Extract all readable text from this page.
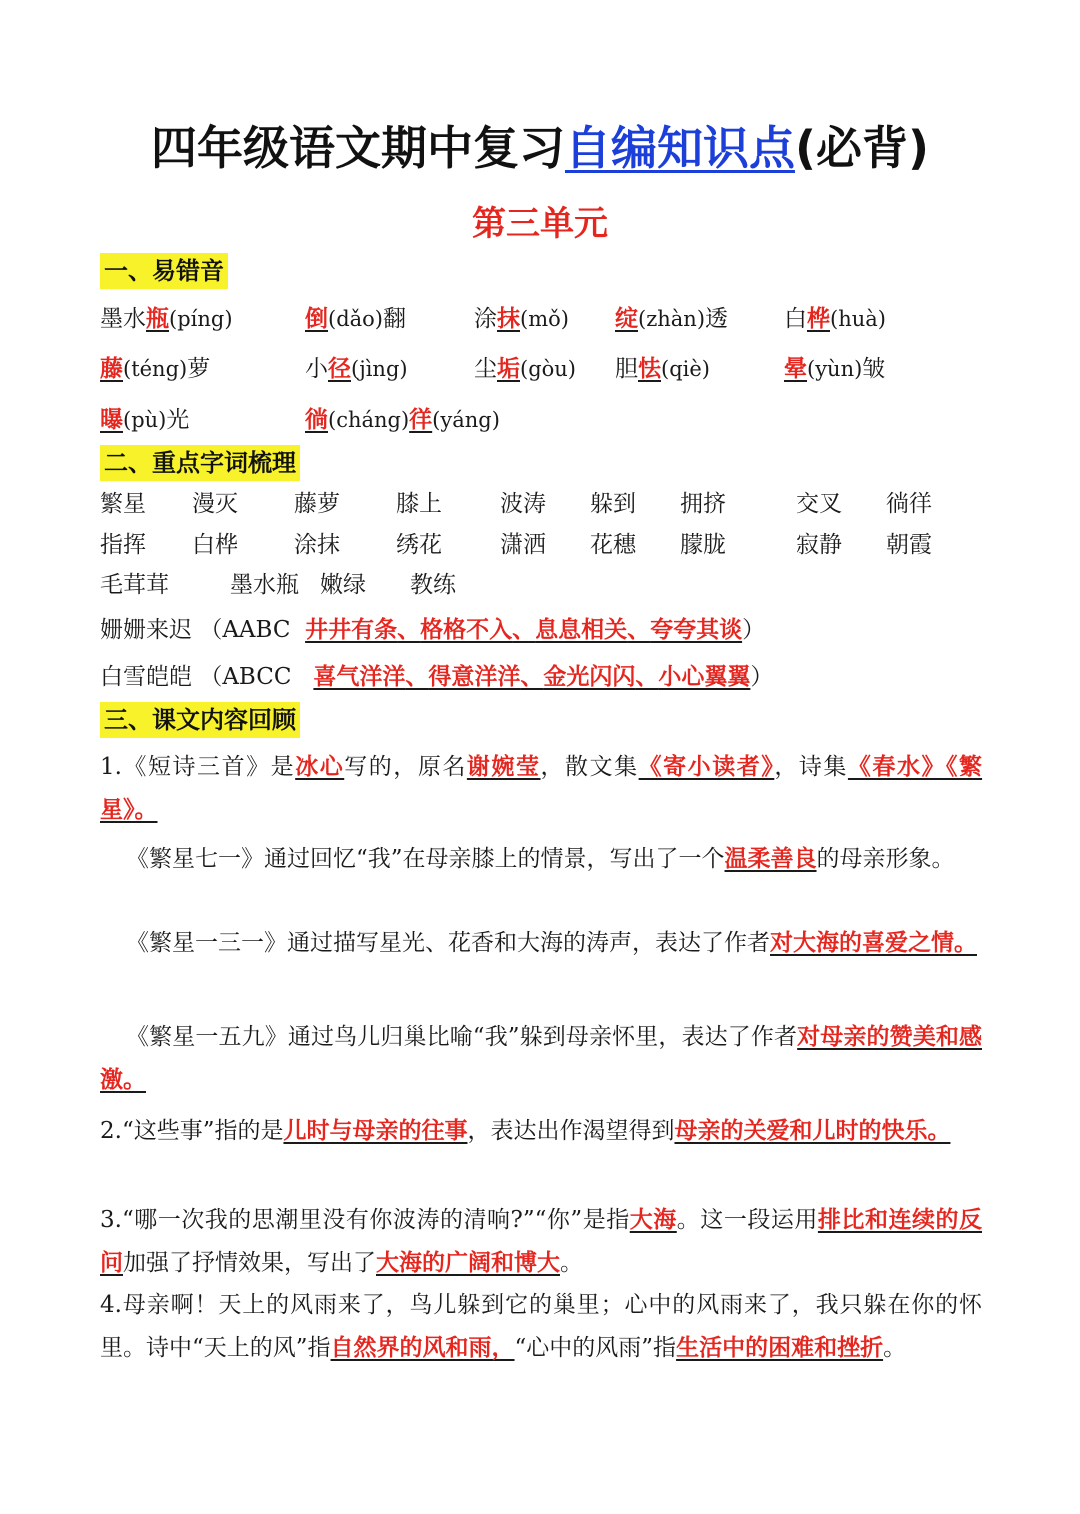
四年级语文期中复习自编知识点(必背)
第三单元
一、易错音
墨水瓶(píng)	倒(dǎo)翻	涂抹(mǒ) 绽(zhàn)透 白桦(huà)
藤(téng)萝	小径(jìng)	尘垢(gòu) 胆怯(qiè)	晕(yùn)皱
曝(pù)光	徜(cháng)徉(yáng)
二、重点字词梳理
繁星 漫灭 藤萝 膝上	波涛 躲到 拥挤	交叉 徜徉
指挥 白桦 涂抹 绣花	潇洒 花穗 朦胧	寂静 朝霞
毛茸茸	墨水瓶 嫩绿 教练
姗姗来迟 （AABC 井井有条、格格不入、息息相关、夸夸其谈）
白雪皑皑 （ABCC 喜气洋洋、得意洋洋、金光闪闪、小心翼翼）
三、课文内容回顾
1.《短诗三首》是冰心写的，原名谢婉莹，散文集《寄小读者》，诗集《春水》《繁星》。
《繁星七一》通过回忆“我”在母亲膝上的情景，写出了一个温柔善良的母亲形象。
《繁星一三一》通过描写星光、花香和大海的涛声，表达了作者对大海的喜爱之情。
《繁星一五九》通过鸟儿归巢比喻“我”躲到母亲怀里，表达了作者对母亲的赞美和感激。
2.“这些事”指的是儿时与母亲的往事，表达出作渴望得到母亲的关爱和儿时的快乐。
3.“哪一次我的思潮里没有你波涛的清响?”“你”是指大海。这一段运用排比和连续的反问加强了抒情效果，写出了大海的广阔和博大。
4.母亲啊！天上的风雨来了，鸟儿躲到它的巢里；心中的风雨来了，我只躲在你的怀里。诗中“天上的风”指自然界的风和雨，“心中的风雨”指生活中的困难和挫折。
